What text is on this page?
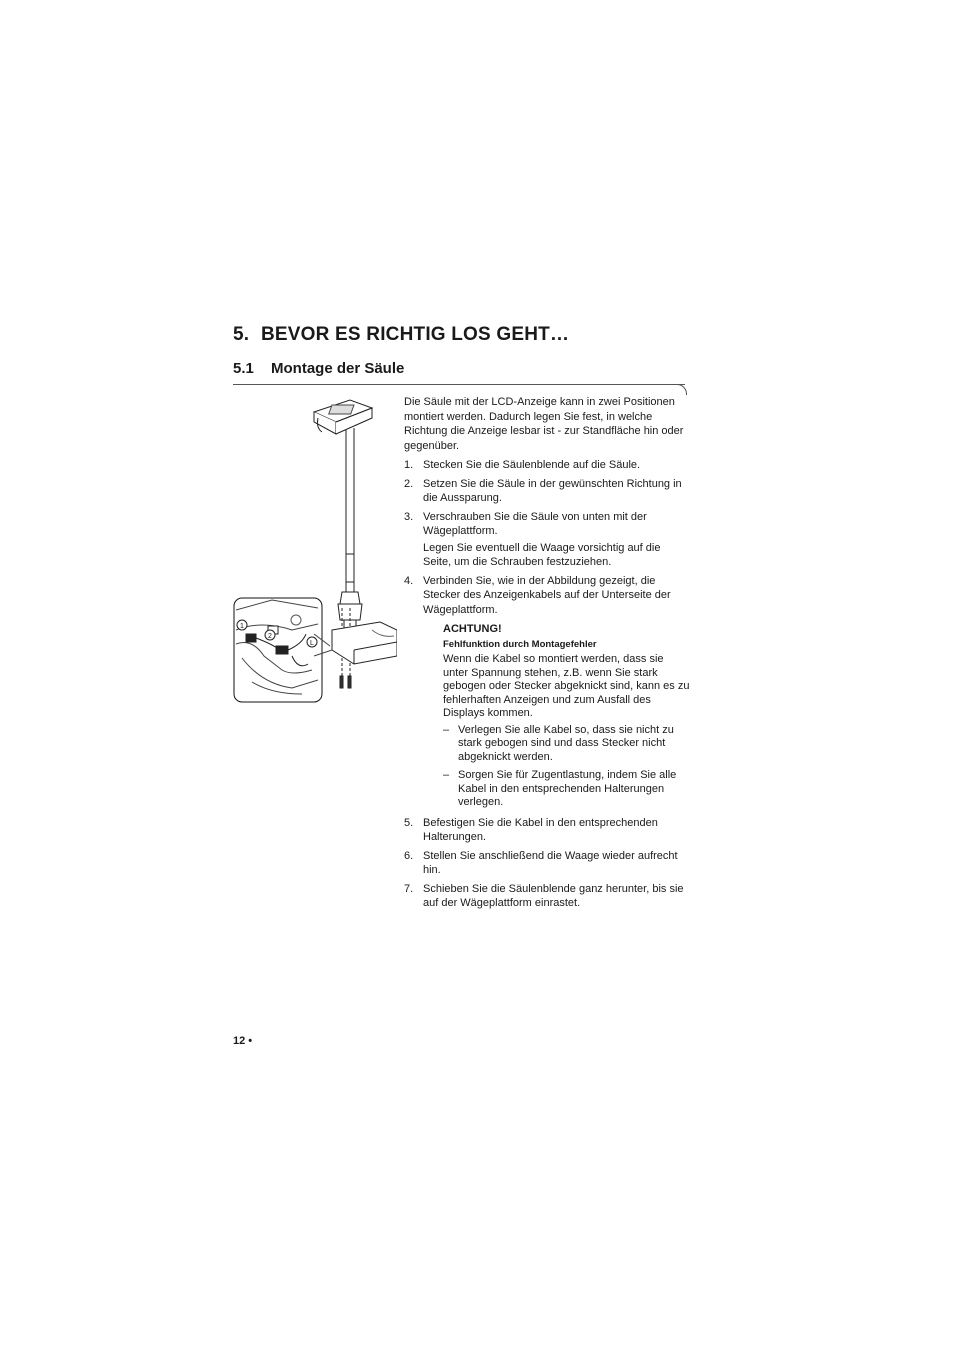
5. BEVOR ES RICHTIG LOS GEHT…
5.1 Montage der Säule
1
2
L

Die Säule mit der LCD-Anzeige kann in zwei Positionen montiert werden. Dadurch legen Sie fest, in welche Richtung die Anzeige lesbar ist - zur Standfläche hin oder gegenüber.

1. Stecken Sie die Säulenblende auf die Säule.
2. Setzen Sie die Säule in der gewünschten Richtung in die Aussparung.
3. Verschrauben Sie die Säule von unten mit der Wägeplattform.
Legen Sie eventuell die Waage vorsichtig auf die Seite, um die Schrauben festzuziehen.
4. Verbinden Sie, wie in der Abbildung gezeigt, die Stecker des Anzeigenkabels auf der Unterseite der Wägeplattform.
ACHTUNG!
Fehlfunktion durch Montagefehler

Wenn die Kabel so montiert werden, dass sie unter Spannung stehen, z.B. wenn Sie stark gebogen oder Stecker abgeknickt sind, kann es zu fehlerhaften Anzeigen und zum Ausfall des Displays kommen.

– Verlegen Sie alle Kabel so, dass sie nicht zu stark gebogen sind und dass Stecker nicht abgeknickt werden.
– Sorgen Sie für Zugentlastung, indem Sie alle Kabel in den entsprechenden Halterungen verlegen.
5. Befestigen Sie die Kabel in den entsprechenden Halterungen.
6. Stellen Sie anschließend die Waage wieder aufrecht hin.
7. Schieben Sie die Säulenblende ganz herunter, bis sie auf der Wägeplattform einrastet.
12 •
